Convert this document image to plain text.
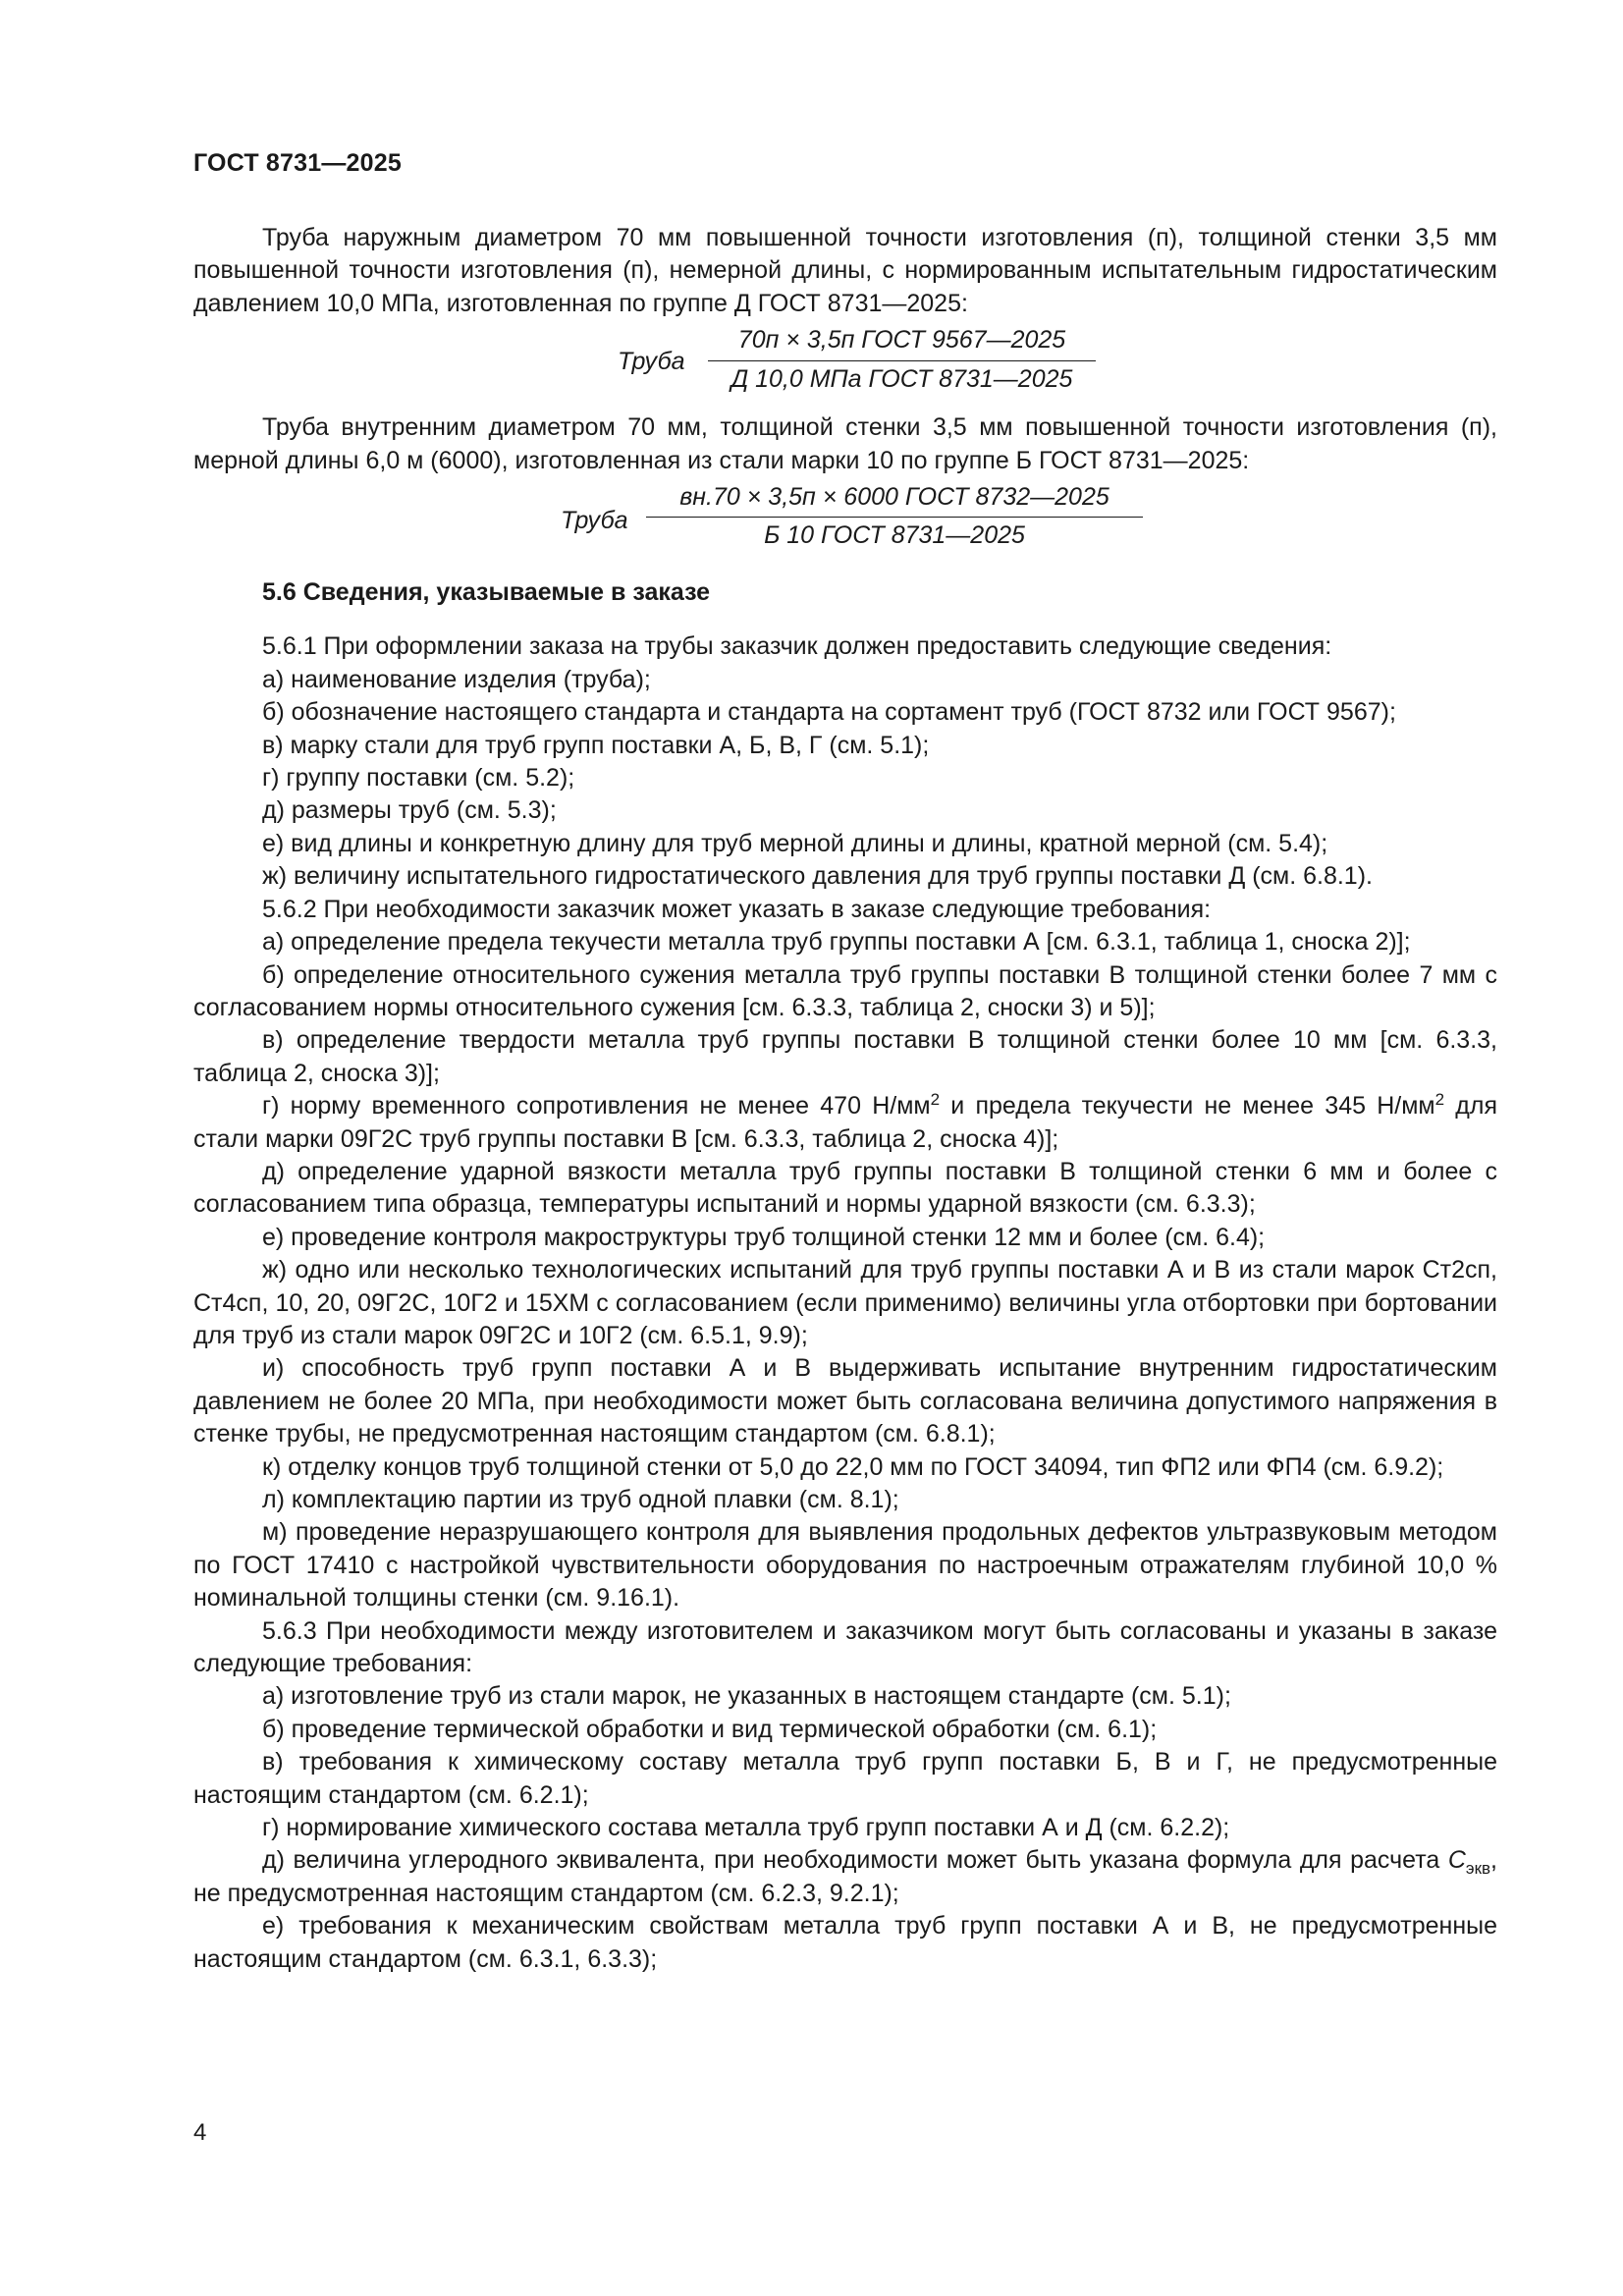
ГОСТ 8731—2025

Труба наружным диаметром 70 мм повышенной точности изготовления (п), толщиной стенки 3,5 мм повышенной точности изготовления (п), немерной длины, с нормированным испытательным гидростатическим давлением 10,0 МПа, изготовленная по группе Д ГОСТ 8731—2025:

Труба
70п × 3,5п ГОСТ 9567—2025
Д 10,0 МПа ГОСТ 8731—2025

Труба внутренним диаметром 70 мм, толщиной стенки 3,5 мм повышенной точности изготовления (п), мерной длины 6,0 м (6000), изготовленная из стали марки 10 по группе Б ГОСТ 8731—2025:

Труба
вн.70 × 3,5п × 6000 ГОСТ 8732—2025
Б 10 ГОСТ 8731—2025
5.6 Сведения, указываемые в заказе

5.6.1 При оформлении заказа на трубы заказчик должен предоставить следующие сведения:

а) наименование изделия (труба);

б) обозначение настоящего стандарта и стандарта на сортамент труб (ГОСТ 8732 или ГОСТ 9567);

в) марку стали для труб групп поставки А, Б, В, Г (см. 5.1);

г) группу поставки (см. 5.2);

д) размеры труб (см. 5.3);

е) вид длины и конкретную длину для труб мерной длины и длины, кратной мерной (см. 5.4);

ж) величину испытательного гидростатического давления для труб группы поставки Д (см. 6.8.1).

5.6.2 При необходимости заказчик может указать в заказе следующие требования:

а) определение предела текучести металла труб группы поставки А [см. 6.3.1, таблица 1, сноска 2)];

б) определение относительного сужения металла труб группы поставки В толщиной стенки более 7 мм с согласованием нормы относительного сужения [см. 6.3.3, таблица 2, сноски 3) и 5)];

в) определение твердости металла труб группы поставки В толщиной стенки более 10 мм [см. 6.3.3, таблица 2, сноска 3)];

г) норму временного сопротивления не менее 470 $Н/мм^2$ и предела текучести не менее 345 $Н/мм^2$ для стали марки 09Г2С труб группы поставки В [см. 6.3.3, таблица 2, сноска 4)];

д) определение ударной вязкости металла труб группы поставки В толщиной стенки 6 мм и более с согласованием типа образца, температуры испытаний и нормы ударной вязкости (см. 6.3.3);

е) проведение контроля макроструктуры труб толщиной стенки 12 мм и более (см. 6.4);

ж) одно или несколько технологических испытаний для труб группы поставки А и В из стали марок Ст2сп, Ст4сп, 10, 20, 09Г2С, 10Г2 и 15ХМ с согласованием (если применимо) величины угла отбортовки при бортовании для труб из стали марок 09Г2С и 10Г2 (см. 6.5.1, 9.9);

и) способность труб групп поставки А и В выдерживать испытание внутренним гидростатическим давлением не более 20 МПа, при необходимости может быть согласована величина допустимого напряжения в стенке трубы, не предусмотренная настоящим стандартом (см. 6.8.1);

к) отделку концов труб толщиной стенки от 5,0 до 22,0 мм по ГОСТ 34094, тип ФП2 или ФП4 (см. 6.9.2);

л) комплектацию партии из труб одной плавки (см. 8.1);

м) проведение неразрушающего контроля для выявления продольных дефектов ультразвуковым методом по ГОСТ 17410 с настройкой чувствительности оборудования по настроечным отражателям глубиной 10,0 % номинальной толщины стенки (см. 9.16.1).

5.6.3 При необходимости между изготовителем и заказчиком могут быть согласованы и указаны в заказе следующие требования:

а) изготовление труб из стали марок, не указанных в настоящем стандарте (см. 5.1);

б) проведение термической обработки и вид термической обработки (см. 6.1);

в) требования к химическому составу металла труб групп поставки Б, В и Г, не предусмотренные настоящим стандартом (см. 6.2.1);

г) нормирование химического состава металла труб групп поставки А и Д (см. 6.2.2);

д) величина углеродного эквивалента, при необходимости может быть указана формула для расчета $С_{экв}$, не предусмотренная настоящим стандартом (см. 6.2.3, 9.2.1);

е) требования к механическим свойствам металла труб групп поставки А и В, не предусмотренные настоящим стандартом (см. 6.3.1, 6.3.3);

4
